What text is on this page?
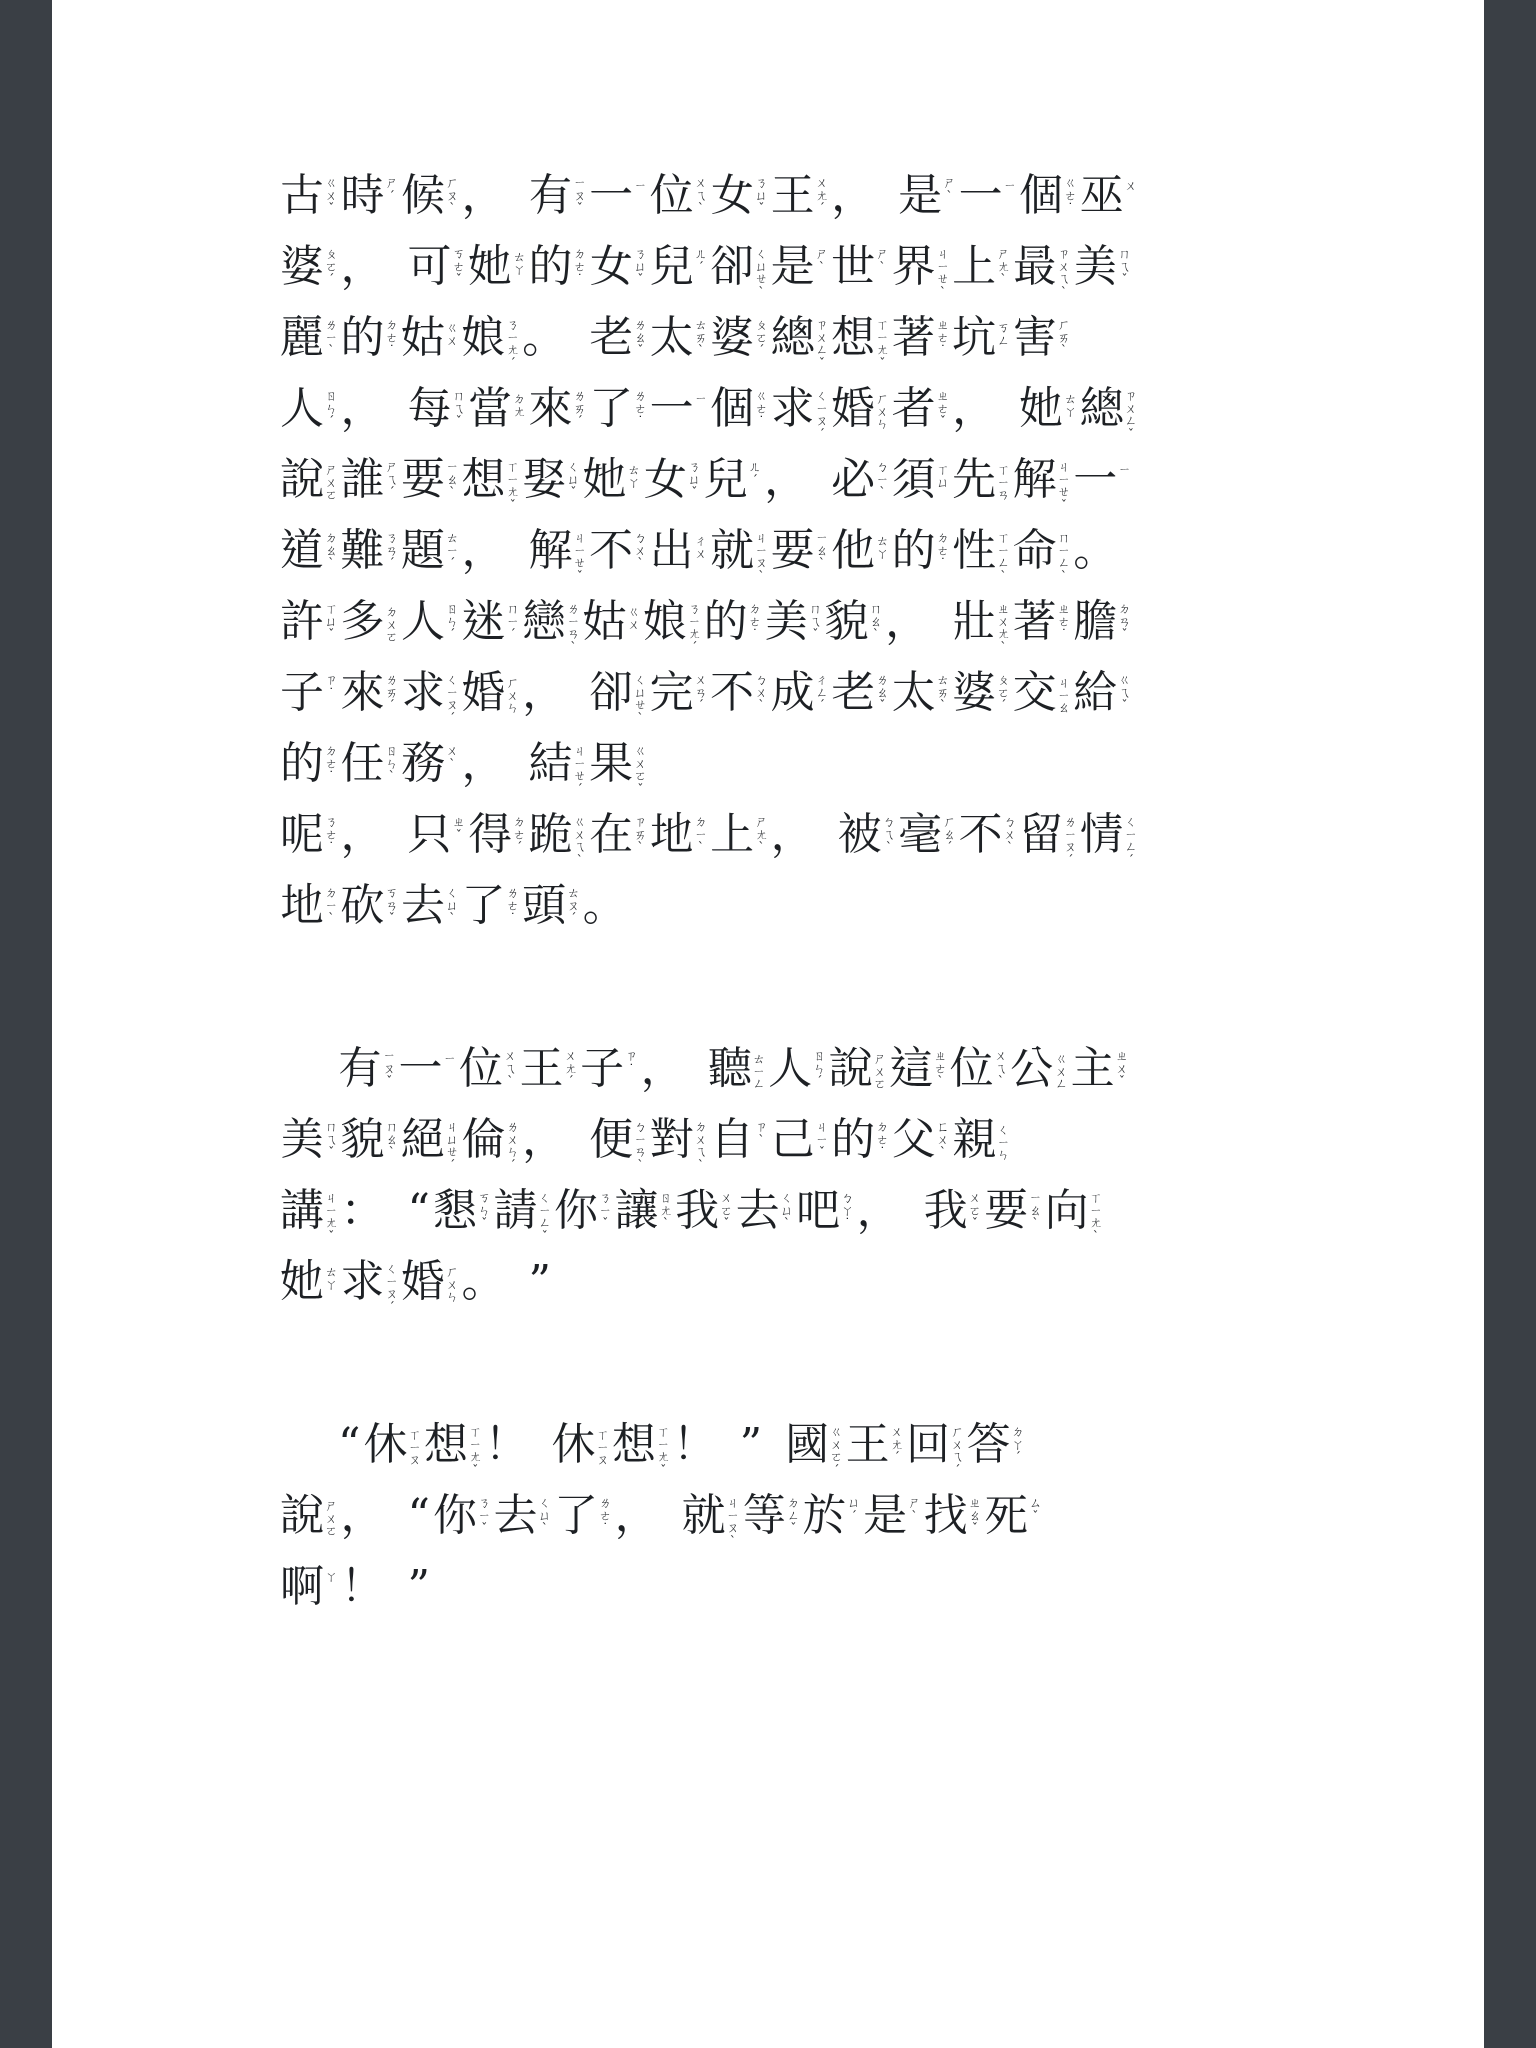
古 ㄍ
ㄨ
ˇ 時 ㄕ
ˊ 候 ㄏ
ㄡ
ˋ ， 有 ㄧ
ㄡ
ˇ 一 ㄧ 位 ㄨ
ㄟ
ˋ 女 ㄋ
ㄩ
ˇ 王 ㄨ
ㄤ
ˊ ， 是 ㄕ
ˋ 一 ㄧ 個 ㄍ
ㄜ
˙ 巫 ㄨ
婆 ㄆ
ㄛ
ˊ ， 可 ㄎ
ㄜ
ˇ 她 ㄊ
ㄚ 的 ㄉ
ㄜ
˙ 女 ㄋ
ㄩ
ˇ 兒 ㄦ
ˊ 卻 ㄑ
ㄩ
ㄝ
ˋ 是 ㄕ
ˋ 世 ㄕ
ˋ 界 ㄐ
ㄧ
ㄝ
ˋ 上 ㄕ
ㄤ
ˋ 最 ㄗ
ㄨ
ㄟ
ˋ 美 ㄇ
ㄟ
ˇ
麗 ㄌ
ㄧ
ˋ 的 ㄉ
ㄜ
˙ 姑 ㄍ
ㄨ 娘 ㄋ
ㄧ
ㄤ
ˊ 。 老 ㄌ
ㄠ
ˇ 太 ㄊ
ㄞ
ˋ 婆 ㄆ
ㄛ
ˊ 總 ㄗ
ㄨ
ㄥ
ˇ 想 ㄒ
ㄧ
ㄤ
ˇ 著 ㄓ
ㄜ
˙ 坑 ㄎ
ㄥ 害 ㄏ
ㄞ
ˋ
人 ㄖ
ㄣ
ˊ ， 每 ㄇ
ㄟ
ˇ 當 ㄉ
ㄤ 來 ㄌ
ㄞ
ˊ 了 ㄌ
ㄜ
˙ 一 ㄧ 個 ㄍ
ㄜ
˙ 求 ㄑ
ㄧ
ㄡ
ˊ 婚 ㄏ
ㄨ
ㄣ 者 ㄓ
ㄜ
ˇ ， 她 ㄊ
ㄚ 總 ㄗ
ㄨ
ㄥ
ˇ
說 ㄕ
ㄨ
ㄛ 誰 ㄕ
ㄟ
ˊ 要 ㄧ
ㄠ
ˋ 想 ㄒ
ㄧ
ㄤ
ˇ 娶 ㄑ
ㄩ
ˇ 她 ㄊ
ㄚ 女 ㄋ
ㄩ
ˇ 兒 ㄦ
ˊ ， 必 ㄅ
ㄧ
ˋ 須 ㄒ
ㄩ 先 ㄒ
ㄧ
ㄢ 解 ㄐ
ㄧ
ㄝ
ˇ 一 ㄧ
道 ㄉ
ㄠ
ˋ 難 ㄋ
ㄢ
ˊ 題 ㄊ
ㄧ
ˊ ， 解 ㄐ
ㄧ
ㄝ
ˇ 不 ㄅ
ㄨ
ˋ 出 ㄔ
ㄨ 就 ㄐ
ㄧ
ㄡ
ˋ 要 ㄧ
ㄠ
ˋ 他 ㄊ
ㄚ 的 ㄉ
ㄜ
˙ 性 ㄒ
ㄧ
ㄥ
ˋ 命 ㄇ
ㄧ
ㄥ
ˋ 。
許 ㄒ
ㄩ
ˇ 多 ㄉ
ㄨ
ㄛ 人 ㄖ
ㄣ
ˊ 迷 ㄇ
ㄧ
ˊ 戀 ㄌ
ㄧ
ㄢ
ˋ 姑 ㄍ
ㄨ 娘 ㄋ
ㄧ
ㄤ
ˊ 的 ㄉ
ㄜ
˙ 美 ㄇ
ㄟ
ˇ 貌 ㄇ
ㄠ
ˋ ， 壯 ㄓ
ㄨ
ㄤ
ˋ 著 ㄓ
ㄜ
˙ 膽 ㄉ
ㄢ
ˇ
子 ㄗ
˙ 來 ㄌ
ㄞ
ˊ 求 ㄑ
ㄧ
ㄡ
ˊ 婚 ㄏ
ㄨ
ㄣ ， 卻 ㄑ
ㄩ
ㄝ
ˋ 完 ㄨ
ㄢ
ˊ 不 ㄅ
ㄨ
ˋ 成 ㄔ
ㄥ
ˊ 老 ㄌ
ㄠ
ˇ 太 ㄊ
ㄞ
ˋ 婆 ㄆ
ㄛ
ˊ 交 ㄐ
ㄧ
ㄠ 給 ㄍ
ㄟ
ˇ
的 ㄉ
ㄜ
˙ 任 ㄖ
ㄣ
ˋ 務 ㄨ
ˋ ， 結 ㄐ
ㄧ
ㄝ
ˊ 果 ㄍ
ㄨ
ㄛ
ˇ
呢 ㄋ
ㄜ
˙ ， 只 ㄓ
ˇ 得 ㄉ
ㄜ
ˊ 跪 ㄍ
ㄨ
ㄟ
ˋ 在 ㄗ
ㄞ
ˋ 地 ㄉ
ㄧ
ˋ 上 ㄕ
ㄤ
ˋ ， 被 ㄅ
ㄟ
ˋ 毫 ㄏ
ㄠ
ˊ 不 ㄅ
ㄨ
ˋ 留 ㄌ
ㄧ
ㄡ
ˊ 情 ㄑ
ㄧ
ㄥ
ˊ
地 ㄉ
ㄧ
ˋ 砍 ㄎ
ㄢ
ˇ 去 ㄑ
ㄩ
ˋ 了 ㄌ
ㄜ
˙ 頭 ㄊ
ㄡ
ˊ 。
有 ㄧ
ㄡ
ˇ 一 ㄧ 位 ㄨ
ㄟ
ˋ 王 ㄨ
ㄤ
ˊ 子 ㄗ
˙ ， 聽 ㄊ
ㄧ
ㄥ 人 ㄖ
ㄣ
ˊ 說 ㄕ
ㄨ
ㄛ 這 ㄓ
ㄜ
ˋ 位 ㄨ
ㄟ
ˋ 公 ㄍ
ㄨ
ㄥ 主 ㄓ
ㄨ
ˇ
美 ㄇ
ㄟ
ˇ 貌 ㄇ
ㄠ
ˋ 絕 ㄐ
ㄩ
ㄝ
ˊ 倫 ㄌ
ㄨ
ㄣ
ˊ ， 便 ㄅ
ㄧ
ㄢ
ˋ 對 ㄉ
ㄨ
ㄟ
ˋ 自 ㄗ
ˋ 己 ㄐ
ㄧ
ˇ 的 ㄉ
ㄜ
˙ 父 ㄈ
ㄨ
ˋ 親 ㄑ
ㄧ
ㄣ
講 ㄐ
ㄧ
ㄤ
ˇ ： “ 懇 ㄎ
ㄣ
ˇ 請 ㄑ
ㄧ
ㄥ
ˇ 你 ㄋ
ㄧ
ˇ 讓 ㄖ
ㄤ
ˋ 我 ㄨ
ㄛ
ˇ 去 ㄑ
ㄩ
ˋ 吧 ㄅ
ㄚ
˙ ， 我 ㄨ
ㄛ
ˇ 要 ㄧ
ㄠ
ˋ 向 ㄒ
ㄧ
ㄤ
ˋ
她 ㄊ
ㄚ 求 ㄑ
ㄧ
ㄡ
ˊ 婚 ㄏ
ㄨ
ㄣ 。 ”
“ 休 ㄒ
ㄧ
ㄡ 想 ㄒ
ㄧ
ㄤ
ˇ ！ 休 ㄒ
ㄧ
ㄡ 想 ㄒ
ㄧ
ㄤ
ˇ ！ ” 國 ㄍ
ㄨ
ㄛ
ˊ 王 ㄨ
ㄤ
ˊ 回 ㄏ
ㄨ
ㄟ
ˊ 答 ㄉ
ㄚ
ˊ
說 ㄕ
ㄨ
ㄛ ， “ 你 ㄋ
ㄧ
ˇ 去 ㄑ
ㄩ
ˋ 了 ㄌ
ㄜ
˙ ， 就 ㄐ
ㄧ
ㄡ
ˋ 等 ㄉ
ㄥ
ˇ 於 ㄩ
ˊ 是 ㄕ
ˋ 找 ㄓ
ㄠ
ˇ 死 ㄙ
ˇ
啊 ㄚ ！ ”
